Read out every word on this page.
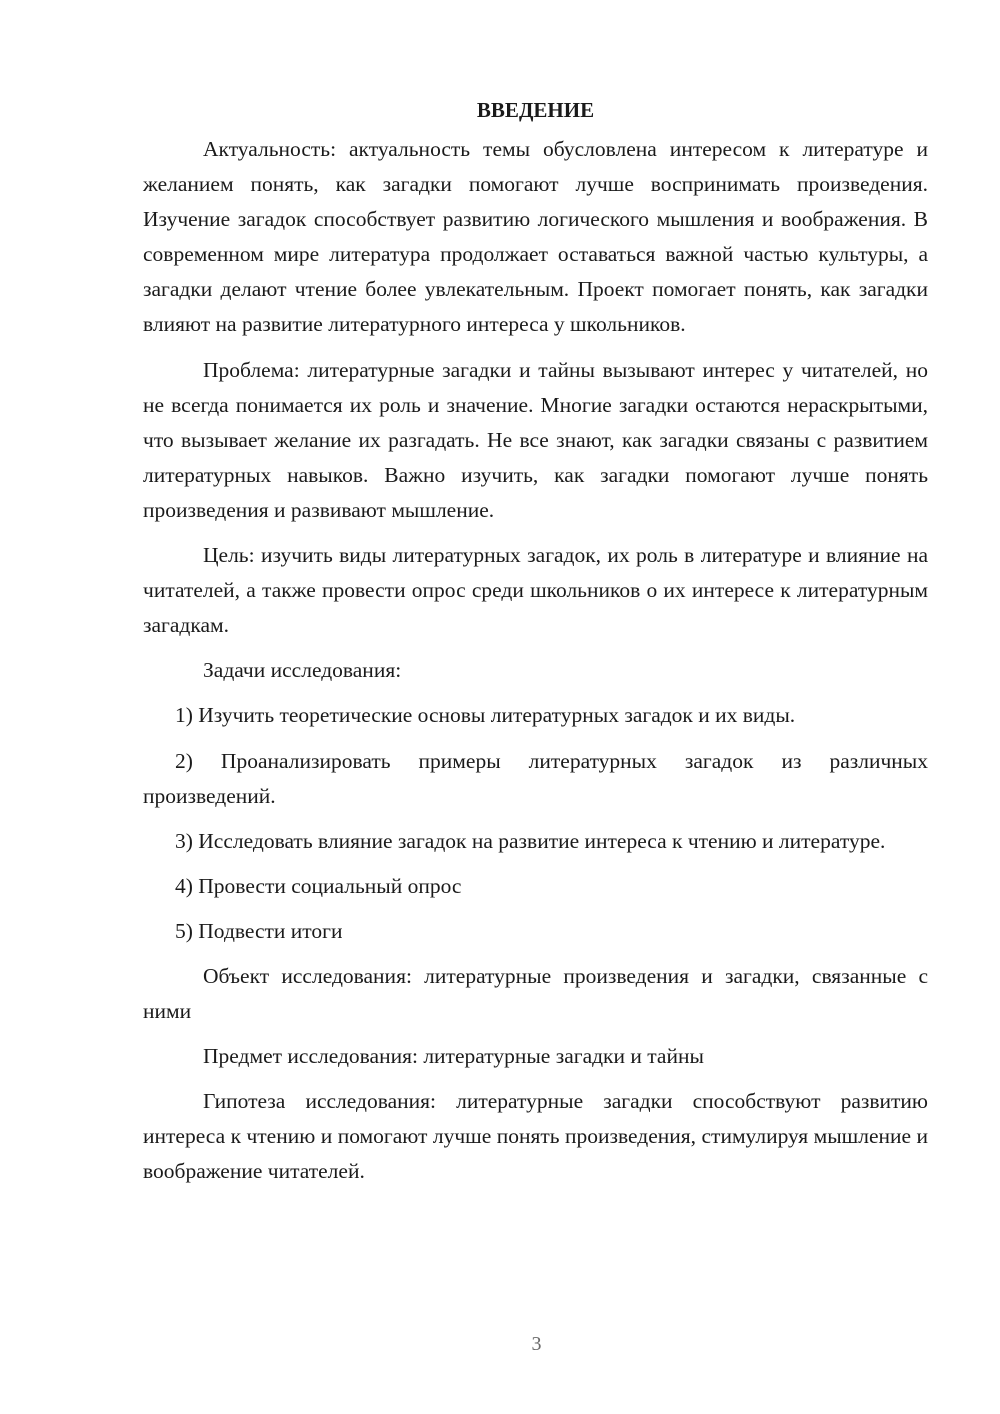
ВВЕДЕНИЕ

Актуальность: актуальность темы обусловлена интересом к литературе и желанием понять, как загадки помогают лучше воспринимать произведения. Изучение загадок способствует развитию логического мышления и воображения. В современном мире литература продолжает оставаться важной частью культуры, а загадки делают чтение более увлекательным. Проект помогает понять, как загадки влияют на развитие литературного интереса у школьников.

Проблема: литературные загадки и тайны вызывают интерес у читателей, но не всегда понимается их роль и значение. Многие загадки остаются нераскрытыми, что вызывает желание их разгадать. Не все знают, как загадки связаны с развитием литературных навыков. Важно изучить, как загадки помогают лучше понять произведения и развивают мышление.

Цель: изучить виды литературных загадок, их роль в литературе и влияние на читателей, а также провести опрос среди школьников о их интересе к литературным загадкам.

Задачи исследования:

1) Изучить теоретические основы литературных загадок и их виды.

2) Проанализировать примеры литературных загадок из различных произведений.

3) Исследовать влияние загадок на развитие интереса к чтению и литературе.

4) Провести социальный опрос

5) Подвести итоги

Объект исследования: литературные произведения и загадки, связанные с ними

Предмет исследования: литературные загадки и тайны

Гипотеза исследования: литературные загадки способствуют развитию интереса к чтению и помогают лучше понять произведения, стимулируя мышление и воображение читателей.

3
